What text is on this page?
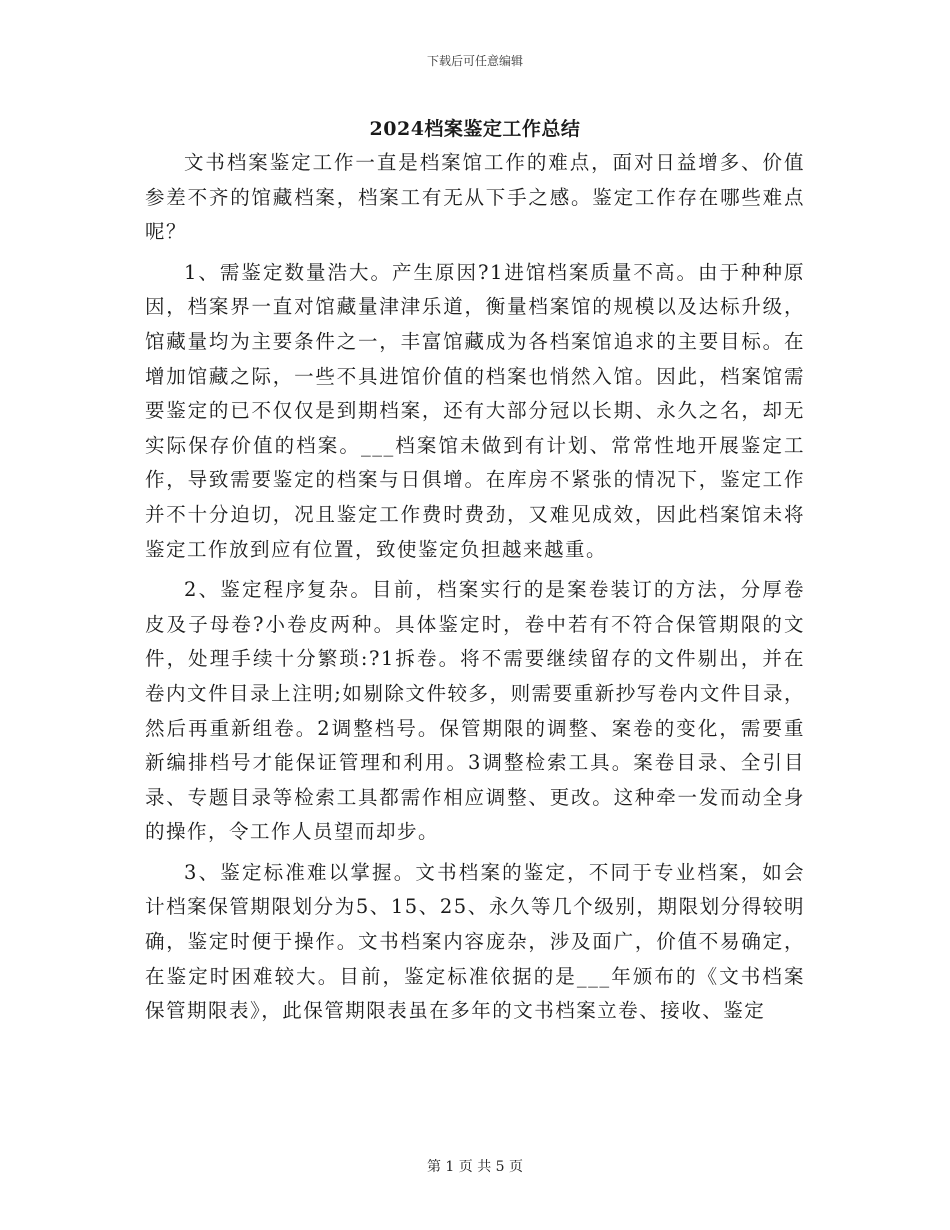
下载后可任意编辑
2024档案鉴定工作总结

文书档案鉴定工作一直是档案馆工作的难点，面对日益增多、价值参差不齐的馆藏档案，档案工有无从下手之感。鉴定工作存在哪些难点呢？

1、需鉴定数量浩大。产生原因?1进馆档案质量不高。由于种种原因，档案界一直对馆藏量津津乐道，衡量档案馆的规模以及达标升级，馆藏量均为主要条件之一，丰富馆藏成为各档案馆追求的主要目标。在增加馆藏之际，一些不具进馆价值的档案也悄然入馆。因此，档案馆需要鉴定的已不仅仅是到期档案，还有大部分冠以长期、永久之名，却无实际保存价值的档案。___档案馆未做到有计划、常常性地开展鉴定工作，导致需要鉴定的档案与日俱增。在库房不紧张的情况下，鉴定工作并不十分迫切，况且鉴定工作费时费劲，又难见成效，因此档案馆未将鉴定工作放到应有位置，致使鉴定负担越来越重。

2、鉴定程序复杂。目前，档案实行的是案卷装订的方法，分厚卷皮及子母卷?小卷皮两种。具体鉴定时，卷中若有不符合保管期限的文件，处理手续十分繁琐:?1拆卷。将不需要继续留存的文件剔出，并在卷内文件目录上注明;如剔除文件较多，则需要重新抄写卷内文件目录，然后再重新组卷。2调整档号。保管期限的调整、案卷的变化，需要重新编排档号才能保证管理和利用。3调整检索工具。案卷目录、全引目录、专题目录等检索工具都需作相应调整、更改。这种牵一发而动全身的操作，令工作人员望而却步。

3、鉴定标准难以掌握。文书档案的鉴定，不同于专业档案，如会计档案保管期限划分为5、15、25、永久等几个级别，期限划分得较明确，鉴定时便于操作。文书档案内容庞杂，涉及面广，价值不易确定，在鉴定时困难较大。目前，鉴定标准依据的是___年颁布的《文书档案保管期限表》，此保管期限表虽在多年的文书档案立卷、接收、鉴定

第 1 页 共 5 页
